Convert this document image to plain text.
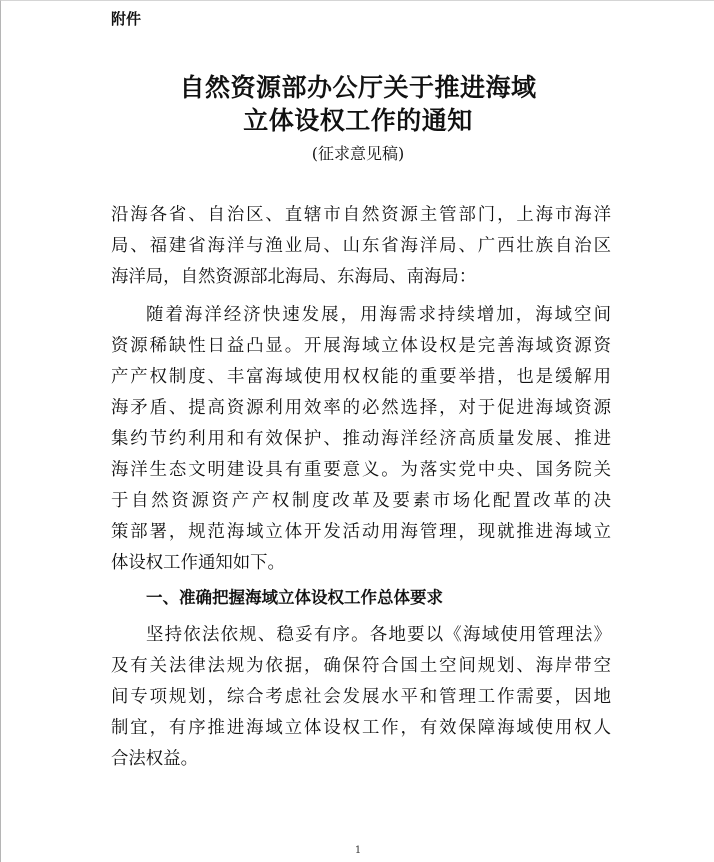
附件
自然资源部办公厅关于推进海域
立体设权工作的通知
(征求意见稿)
沿海各省、自治区、直辖市自然资源主管部门，上海市海洋
局、福建省海洋与渔业局、山东省海洋局、广西壮族自治区
海洋局，自然资源部北海局、东海局、南海局：
随着海洋经济快速发展，用海需求持续增加，海域空间
资源稀缺性日益凸显。开展海域立体设权是完善海域资源资
产产权制度、丰富海域使用权权能的重要举措，也是缓解用
海矛盾、提高资源利用效率的必然选择，对于促进海域资源
集约节约利用和有效保护、推动海洋经济高质量发展、推进
海洋生态文明建设具有重要意义。为落实党中央、国务院关
于自然资源资产产权制度改革及要素市场化配置改革的决
策部署，规范海域立体开发活动用海管理，现就推进海域立
体设权工作通知如下。
一、准确把握海域立体设权工作总体要求
坚持依法依规、稳妥有序。各地要以《海域使用管理法》
及有关法律法规为依据，确保符合国土空间规划、海岸带空
间专项规划，综合考虑社会发展水平和管理工作需要，因地
制宜，有序推进海域立体设权工作，有效保障海域使用权人
合法权益。
1
